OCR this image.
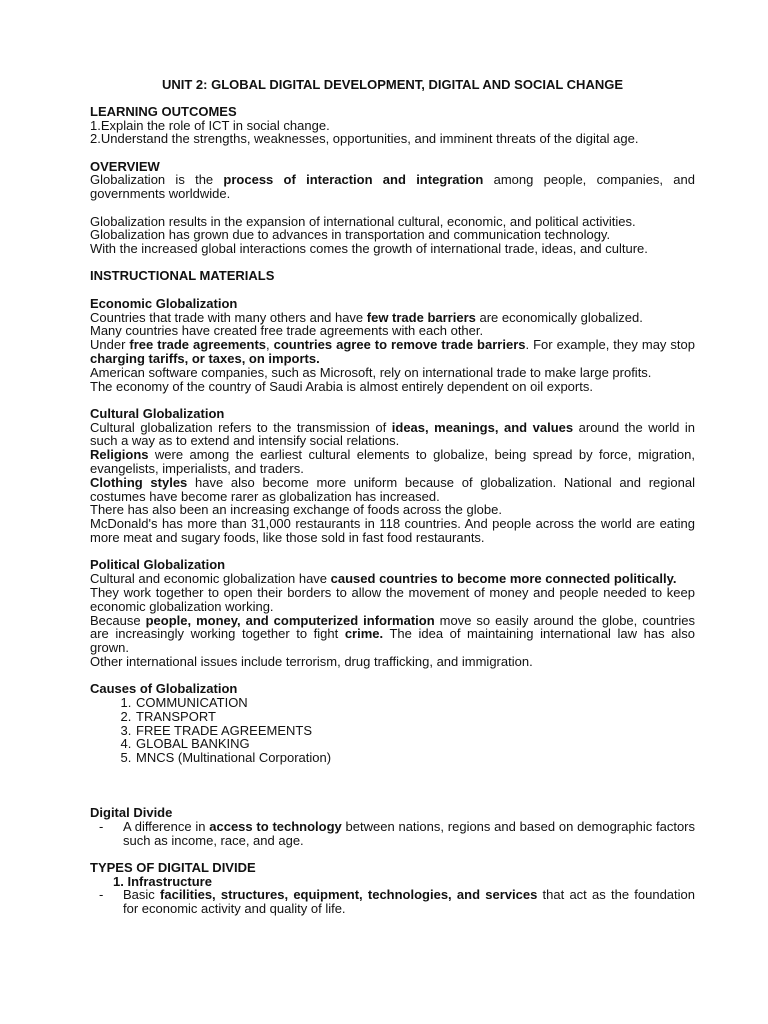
UNIT 2: GLOBAL DIGITAL DEVELOPMENT, DIGITAL AND SOCIAL CHANGE

LEARNING OUTCOMES

1.Explain the role of ICT in social change.

2.Understand the strengths, weaknesses, opportunities, and imminent threats of the digital age.

OVERVIEW

Globalization is the process of interaction and integration among people, companies, and governments worldwide.

Globalization results in the expansion of international cultural, economic, and political activities.

Globalization has grown due to advances in transportation and communication technology.

With the increased global interactions comes the growth of international trade, ideas, and culture.

INSTRUCTIONAL MATERIALS

Economic Globalization

Countries that trade with many others and have few trade barriers are economically globalized.

Many countries have created free trade agreements with each other.

Under free trade agreements, countries agree to remove trade barriers. For example, they may stop charging tariffs, or taxes, on imports.

American software companies, such as Microsoft, rely on international trade to make large profits.

The economy of the country of Saudi Arabia is almost entirely dependent on oil exports.

Cultural Globalization

Cultural globalization refers to the transmission of ideas, meanings, and values around the world in such a way as to extend and intensify social relations.

Religions were among the earliest cultural elements to globalize, being spread by force, migration, evangelists, imperialists, and traders.

Clothing styles have also become more uniform because of globalization. National and regional costumes have become rarer as globalization has increased.

There has also been an increasing exchange of foods across the globe.

McDonald's has more than 31,000 restaurants in 118 countries. And people across the world are eating more meat and sugary foods, like those sold in fast food restaurants.

Political Globalization

Cultural and economic globalization have caused countries to become more connected politically.

They work together to open their borders to allow the movement of money and people needed to keep economic globalization working.

Because people, money, and computerized information move so easily around the globe, countries are increasingly working together to fight crime. The idea of maintaining international law has also grown.

Other international issues include terrorism, drug trafficking, and immigration.

Causes of Globalization

1. COMMUNICATION
2. TRANSPORT
3. FREE TRADE AGREEMENTS
4. GLOBAL BANKING
5. MNCS (Multinational Corporation)

Digital Divide

-	A difference in access to technology between nations, regions and based on demographic factors such as income, race, and age.

TYPES OF DIGITAL DIVIDE

1. Infrastructure

-	Basic facilities, structures, equipment, technologies, and services that act as the foundation for economic activity and quality of life.
